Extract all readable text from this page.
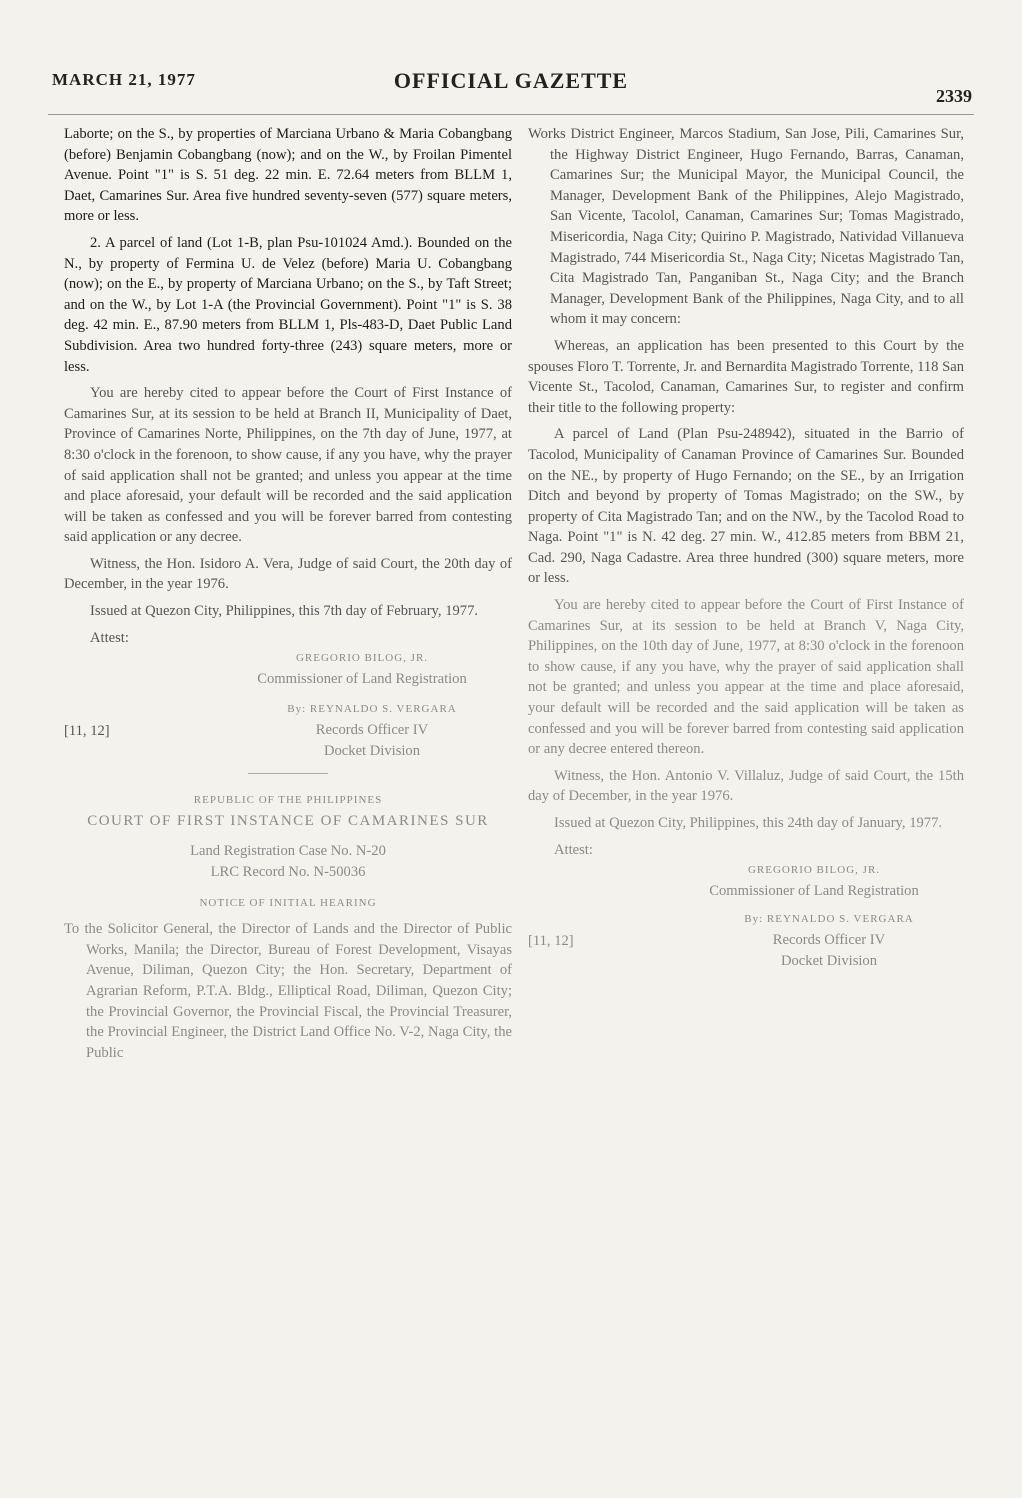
MARCH 21, 1977	OFFICIAL GAZETTE
2339

Laborte; on the S., by properties of Marciana Urbano & Maria Cobangbang (before) Benjamin Cobangbang (now); and on the W., by Froilan Pimentel Avenue. Point "1" is S. 51 deg. 22 min. E. 72.64 meters from BLLM 1, Daet, Camarines Sur. Area five hundred seventy-seven (577) square meters, more or less.

2. A parcel of land (Lot 1-B, plan Psu-101024 Amd.). Bounded on the N., by property of Fermina U. de Velez (before) Maria U. Cobangbang (now); on the E., by property of Marciana Urbano; on the S., by Taft Street; and on the W., by Lot 1-A (the Provincial Government). Point "1" is S. 38 deg. 42 min. E., 87.90 meters from BLLM 1, Pls-483-D, Daet Public Land Subdivision. Area two hundred forty-three (243) square meters, more or less.

You are hereby cited to appear before the Court of First Instance of Camarines Sur, at its session to be held at Branch II, Municipality of Daet, Province of Camarines Norte, Philippines, on the 7th day of June, 1977, at 8:30 o'clock in the forenoon, to show cause, if any you have, why the prayer of said application shall not be granted; and unless you appear at the time and place aforesaid, your default will be recorded and the said application will be taken as confessed and you will be forever barred from contesting said application or any decree.

Witness, the Hon. Isidoro A. Vera, Judge of said Court, the 20th day of December, in the year 1976.

Issued at Quezon City, Philippines, this 7th day of February, 1977.

Attest:
GREGORIO BILOG, JR.
Commissioner of Land Registration
[11, 12]
By: REYNALDO S. VERGARA
Records Officer IV
Docket Division
REPUBLIC OF THE PHILIPPINES
COURT OF FIRST INSTANCE OF CAMARINES SUR
Land Registration Case No. N-20
LRC Record No. N-50036
NOTICE OF INITIAL HEARING

To the Solicitor General, the Director of Lands and the Director of Public Works, Manila; the Director, Bureau of Forest Development, Visayas Avenue, Diliman, Quezon City; the Hon. Secretary, Department of Agrarian Reform, P.T.A. Bldg., Elliptical Road, Diliman, Quezon City; the Provincial Governor, the Provincial Fiscal, the Provincial Treasurer, the Provincial Engineer, the District Land Office No. V-2, Naga City, the Public

Works District Engineer, Marcos Stadium, San Jose, Pili, Camarines Sur, the Highway District Engineer, Hugo Fernando, Barras, Canaman, Camarines Sur; the Municipal Mayor, the Municipal Council, the Manager, Development Bank of the Philippines, Alejo Magistrado, San Vicente, Tacolol, Canaman, Camarines Sur; Tomas Magistrado, Misericordia, Naga City; Quirino P. Magistrado, Natividad Villanueva Magistrado, 744 Misericordia St., Naga City; Nicetas Magistrado Tan, Cita Magistrado Tan, Panganiban St., Naga City; and the Branch Manager, Development Bank of the Philippines, Naga City, and to all whom it may concern:

Whereas, an application has been presented to this Court by the spouses Floro T. Torrente, Jr. and Bernardita Magistrado Torrente, 118 San Vicente St., Tacolod, Canaman, Camarines Sur, to register and confirm their title to the following property:

A parcel of Land (Plan Psu-248942), situated in the Barrio of Tacolod, Municipality of Canaman Province of Camarines Sur. Bounded on the NE., by property of Hugo Fernando; on the SE., by an Irrigation Ditch and beyond by property of Tomas Magistrado; on the SW., by property of Cita Magistrado Tan; and on the NW., by the Tacolod Road to Naga. Point "1" is N. 42 deg. 27 min. W., 412.85 meters from BBM 21, Cad. 290, Naga Cadastre. Area three hundred (300) square meters, more or less.

You are hereby cited to appear before the Court of First Instance of Camarines Sur, at its session to be held at Branch V, Naga City, Philippines, on the 10th day of June, 1977, at 8:30 o'clock in the forenoon to show cause, if any you have, why the prayer of said application shall not be granted; and unless you appear at the time and place aforesaid, your default will be recorded and the said application will be taken as confessed and you will be forever barred from contesting said application or any decree entered thereon.

Witness, the Hon. Antonio V. Villaluz, Judge of said Court, the 15th day of December, in the year 1976.

Issued at Quezon City, Philippines, this 24th day of January, 1977.

Attest:
GREGORIO BILOG, JR.
Commissioner of Land Registration
[11, 12]
By: REYNALDO S. VERGARA
Records Officer IV
Docket Division
